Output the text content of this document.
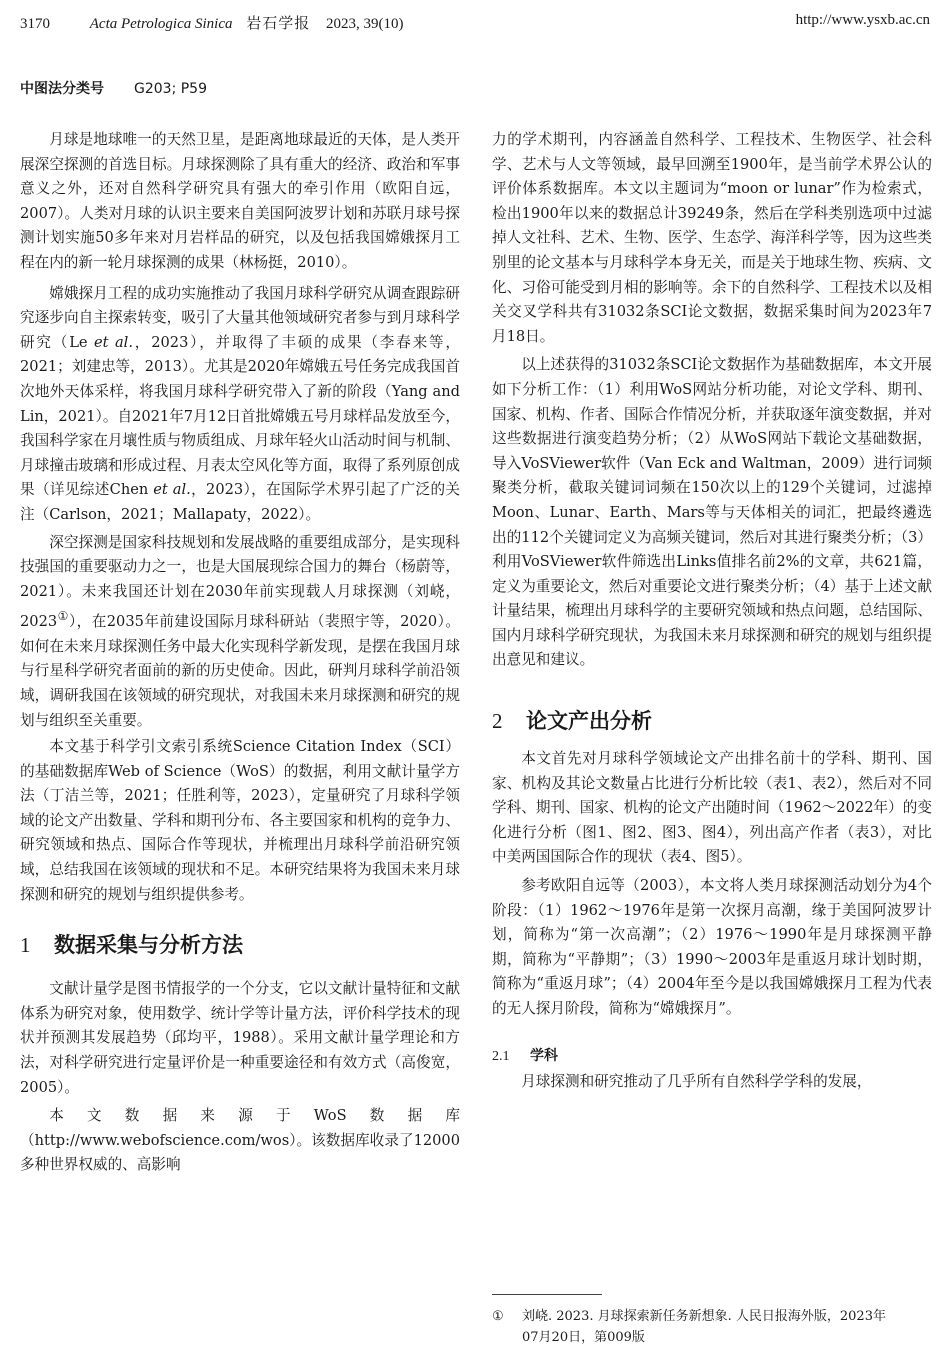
3170	Acta Petrologica Sinica 岩石学报 2023, 39(10)	http://www.ysxb.ac.cn
中图法分类号 G203; P59

月球是地球唯一的天然卫星，是距离地球最近的天体，是人类开展深空探测的首选目标。月球探测除了具有重大的经济、政治和军事意义之外，还对自然科学研究具有强大的牵引作用（欧阳自远，2007）。人类对月球的认识主要来自美国阿波罗计划和苏联月球号探测计划实施50多年来对月岩样品的研究，以及包括我国嫦娥探月工程在内的新一轮月球探测的成果（林杨挺，2010）。

嫦娥探月工程的成功实施推动了我国月球科学研究从调查跟踪研究逐步向自主探索转变，吸引了大量其他领域研究者参与到月球科学研究（Le et al.，2023），并取得了丰硕的成果（李春来等，2021；刘建忠等，2013）。尤其是2020年嫦娥五号任务完成我国首次地外天体采样，将我国月球科学研究带入了新的阶段（Yang and Lin，2021）。自2021年7月12日首批嫦娥五号月球样品发放至今，我国科学家在月壤性质与物质组成、月球年轻火山活动时间与机制、月球撞击玻璃和形成过程、月表太空风化等方面，取得了系列原创成果（详见综述Chen et al.，2023），在国际学术界引起了广泛的关注（Carlson，2021；Mallapaty，2022）。

深空探测是国家科技规划和发展战略的重要组成部分，是实现科技强国的重要驱动力之一，也是大国展现综合国力的舞台（杨蔚等，2021）。未来我国还计划在2030年前实现载人月球探测（刘峣，2023①），在2035年前建设国际月球科研站（裴照宇等，2020）。如何在未来月球探测任务中最大化实现科学新发现，是摆在我国月球与行星科学研究者面前的新的历史使命。因此，研判月球科学前沿领域，调研我国在该领域的研究现状，对我国未来月球探测和研究的规划与组织至关重要。

本文基于科学引文索引系统Science Citation Index（SCI）的基础数据库Web of Science（WoS）的数据，利用文献计量学方法（丁洁兰等，2021；任胜利等，2023），定量研究了月球科学领域的论文产出数量、学科和期刊分布、各主要国家和机构的竞争力、研究领域和热点、国际合作等现状，并梳理出月球科学前沿研究领域，总结我国在该领域的现状和不足。本研究结果将为我国未来月球探测和研究的规划与组织提供参考。

1 数据采集与分析方法

文献计量学是图书情报学的一个分支，它以文献计量特征和文献体系为研究对象，使用数学、统计学等计量方法，评价科学技术的现状并预测其发展趋势（邱均平，1988）。采用文献计量学理论和方法，对科学研究进行定量评价是一种重要途径和有效方式（高俊宽，2005）。

本文数据来源于WoS数据库（http://www.webofscience.com/wos）。该数据库收录了12000多种世界权威的、高影响

力的学术期刊，内容涵盖自然科学、工程技术、生物医学、社会科学、艺术与人文等领域，最早回溯至1900年，是当前学术界公认的评价体系数据库。本文以主题词为“moon or lunar”作为检索式，检出1900年以来的数据总计39249条，然后在学科类别选项中过滤掉人文社科、艺术、生物、医学、生态学、海洋科学等，因为这些类别里的论文基本与月球科学本身无关，而是关于地球生物、疾病、文化、习俗可能受到月相的影响等。余下的自然科学、工程技术以及相关交叉学科共有31032条SCI论文数据，数据采集时间为2023年7月18日。

以上述获得的31032条SCI论文数据作为基础数据库，本文开展如下分析工作：（1）利用WoS网站分析功能，对论文学科、期刊、国家、机构、作者、国际合作情况分析，并获取逐年演变数据，并对这些数据进行演变趋势分析；（2）从WoS网站下载论文基础数据，导入VoSViewer软件（Van Eck and Waltman，2009）进行词频聚类分析，截取关键词词频在150次以上的129个关键词，过滤掉Moon、Lunar、Earth、Mars等与天体相关的词汇，把最终遴选出的112个关键词定义为高频关键词，然后对其进行聚类分析；（3）利用VoSViewer软件筛选出Links值排名前2%的文章，共621篇，定义为重要论文，然后对重要论文进行聚类分析；（4）基于上述文献计量结果，梳理出月球科学的主要研究领域和热点问题，总结国际、国内月球科学研究现状，为我国未来月球探测和研究的规划与组织提出意见和建议。

2 论文产出分析

本文首先对月球科学领域论文产出排名前十的学科、期刊、国家、机构及其论文数量占比进行分析比较（表1、表2），然后对不同学科、期刊、国家、机构的论文产出随时间（1962～2022年）的变化进行分析（图1、图2、图3、图4），列出高产作者（表3），对比中美两国国际合作的现状（表4、图5）。

参考欧阳自远等（2003），本文将人类月球探测活动划分为4个阶段：（1）1962～1976年是第一次探月高潮，缘于美国阿波罗计划，简称为“第一次高潮”；（2）1976～1990年是月球探测平静期，简称为“平静期”；（3）1990～2003年是重返月球计划时期，简称为“重返月球”；（4）2004年至今是以我国嫦娥探月工程为代表的无人探月阶段，简称为“嫦娥探月”。

2.1 学科

月球探测和研究推动了几乎所有自然科学学科的发展，

① 刘峣. 2023. 月球探索新任务新想象. 人民日报海外版，2023年
07月20日，第009版
